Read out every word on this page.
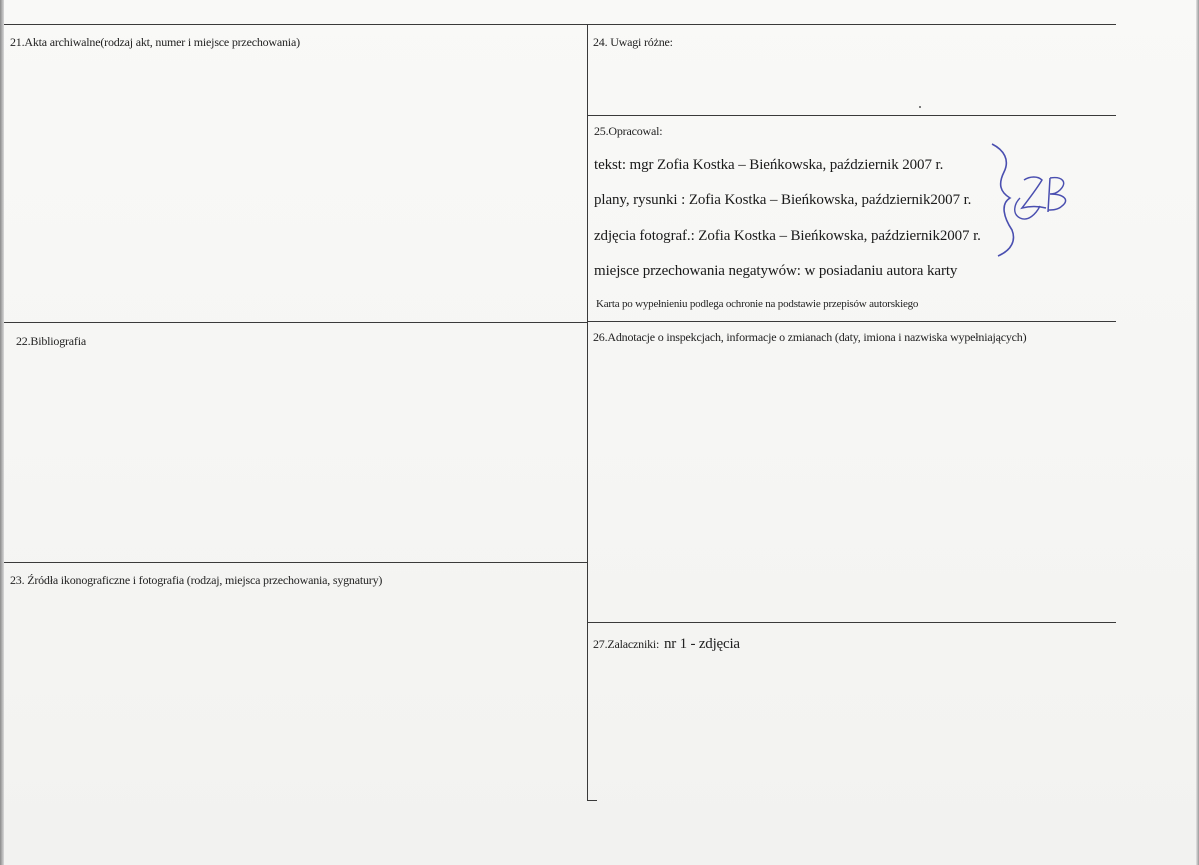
21.Akta archiwalne(rodzaj akt, numer i miejsce przechowania)
22.Bibliografia
23. Źródła ikonograficzne i fotografia (rodzaj, miejsca przechowania, sygnatury)
24. Uwagi różne:
25.Opracowal:
tekst: mgr Zofia Kostka – Bieńkowska, październik 2007 r.
plany, rysunki : Zofia Kostka – Bieńkowska, październik2007 r.
zdjęcia fotograf.: Zofia Kostka – Bieńkowska, październik2007 r.
miejsce przechowania negatywów: w posiadaniu autora karty
Karta po wypełnieniu podlega ochronie na podstawie przepisów autorskiego
26.Adnotacje o inspekcjach, informacje o zmianach (daty, imiona i nazwiska wypełniających)
27.Zalaczniki: nr 1 - zdjęcia
